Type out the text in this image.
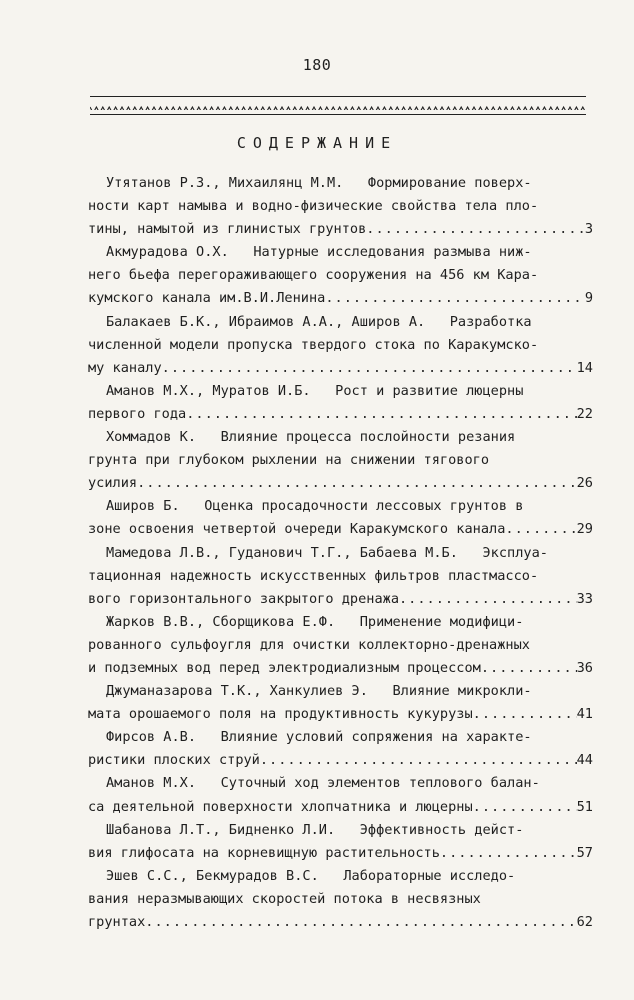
180
СОДЕРЖАНИЕ
Утятанов Р.З., Михаилянц М.М.   Формирование поверх-
ности карт намыва и водно-физические свойства тела пло-
тины, намытой из глинистых грунтов .....	3
Акмурадова О.Х.   Натурные исследования размыва ниж-
него бьефа перегораживающего сооружения на 456 км Кара-
кумского канала им.В.И.Ленина .....	9
Балакаев Б.К., Ибраимов А.А., Аширов А.   Разработка
численной модели пропуска твердого стока по Каракумско-
му каналу .....	14
Аманов М.Х., Муратов И.Б.   Рост и развитие люцерны
первого года .....	22
Хоммадов К.   Влияние процесса послойности резания
грунта при глубоком рыхлении на снижении тягового
усилия .....	26
Аширов Б.   Оценка просадочности лессовых грунтов в
зоне освоения четвертой очереди Каракумского канала .....	29
Мамедова Л.В., Гуданович Т.Г., Бабаева М.Б.   Эксплуа-
тационная надежность искусственных фильтров пластмассо-
вого горизонтального закрытого дренажа .....	33
Жарков В.В., Сборщикова Е.Ф.   Применение модифици-
рованного сульфоугля для очистки коллекторно-дренажных
и подземных вод перед электродиализным процессом .....	36
Джуманазарова Т.К., Ханкулиев Э.   Влияние микрокли-
мата орошаемого поля на продуктивность кукурузы .....	41
Фирсов А.В.   Влияние условий сопряжения на характе-
ристики плоских струй .....	44
Аманов М.Х.   Суточный ход элементов теплового балан-
са деятельной поверхности хлопчатника и люцерны .....	51
Шабанова Л.Т., Бидненко Л.И.   Эффективность дейст-
вия глифосата на корневищную растительность .....	57
Эшев С.С., Бекмурадов В.С.   Лабораторные исследо-
вания неразмывающих скоростей потока в несвязных
грунтах .....	62
